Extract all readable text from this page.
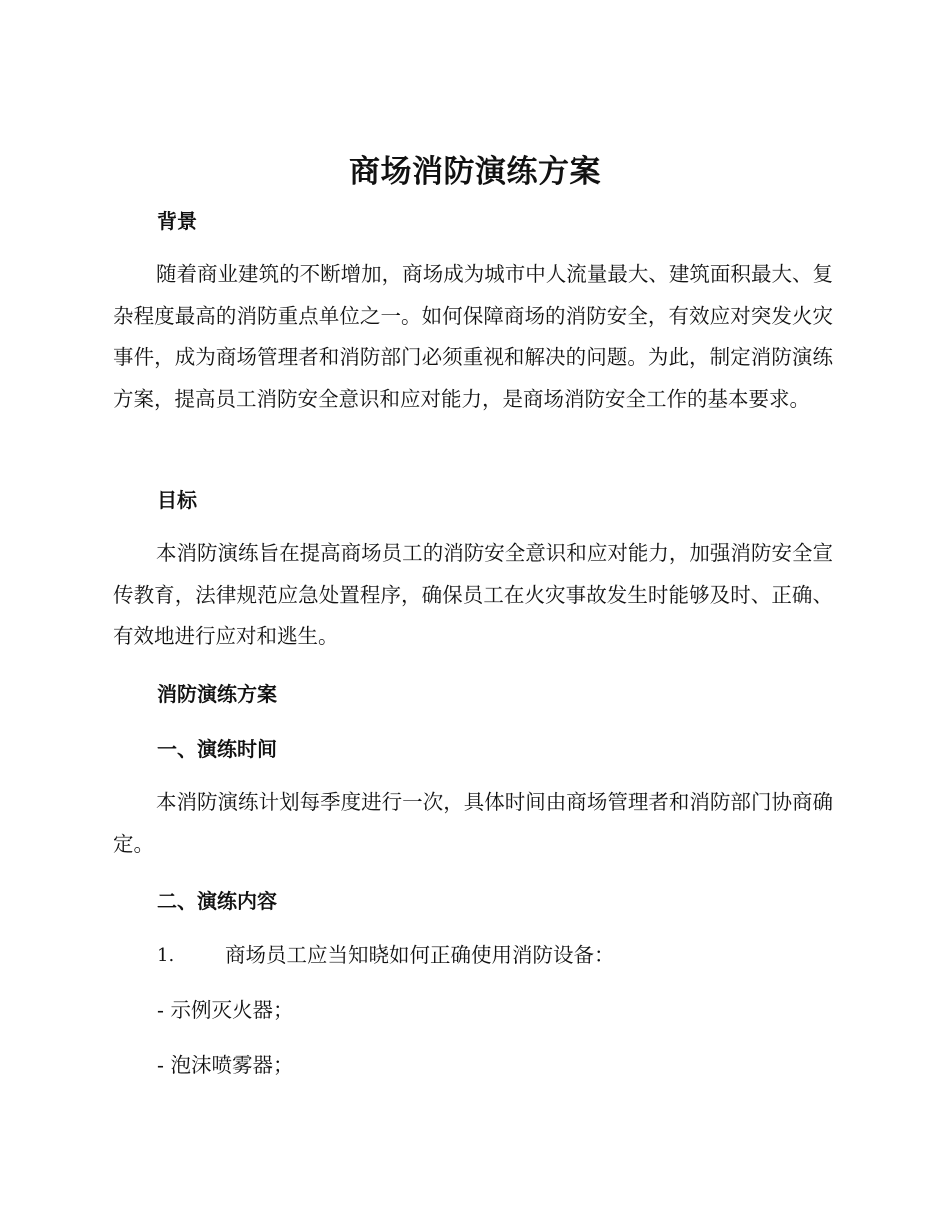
商场消防演练方案
背景
随着商业建筑的不断增加，商场成为城市中人流量最大、建筑面积最大、复杂程度最高的消防重点单位之一。如何保障商场的消防安全，有效应对突发火灾事件，成为商场管理者和消防部门必须重视和解决的问题。为此，制定消防演练方案，提高员工消防安全意识和应对能力，是商场消防安全工作的基本要求。
目标
本消防演练旨在提高商场员工的消防安全意识和应对能力，加强消防安全宣传教育，法律规范应急处置程序，确保员工在火灾事故发生时能够及时、正确、有效地进行应对和逃生。
消防演练方案
一、演练时间
本消防演练计划每季度进行一次，具体时间由商场管理者和消防部门协商确定。
二、演练内容
1. 商场员工应当知晓如何正确使用消防设备：
- 示例灭火器；
- 泡沫喷雾器；
